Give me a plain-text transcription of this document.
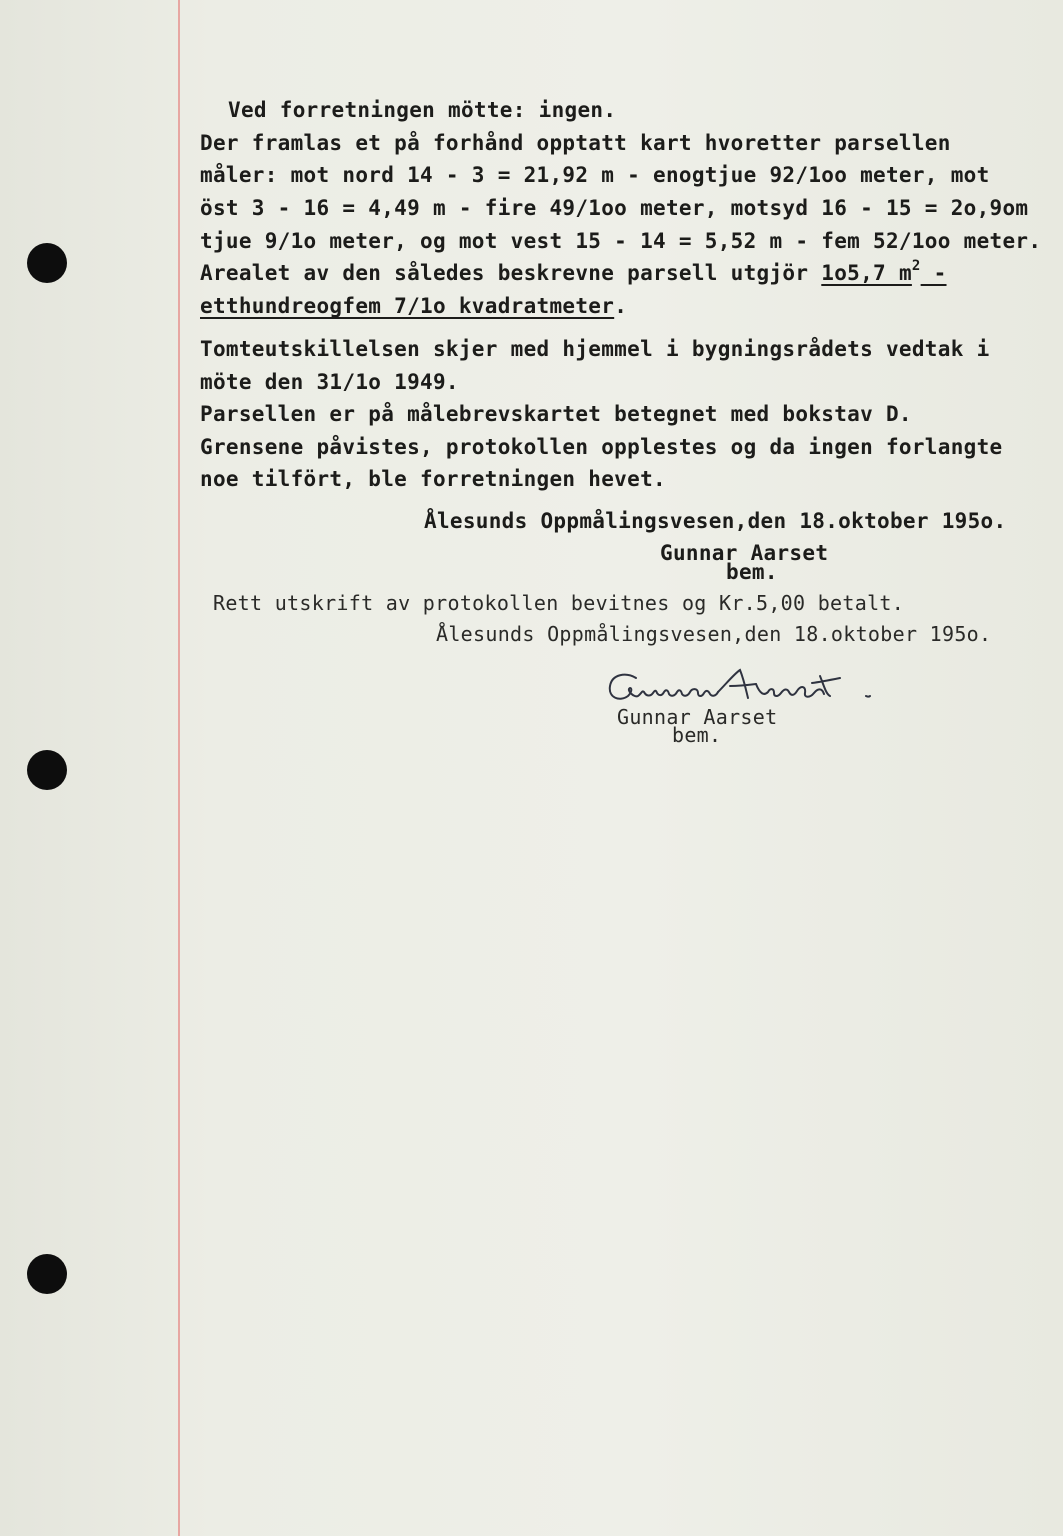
Ved forretningen mötte: ingen.
Der framlas et på forhånd opptatt kart hvoretter parsellen
måler: mot nord 14 - 3 = 21,92 m - enogtjue 92/1oo meter, mot
öst 3 - 16 = 4,49 m - fire 49/1oo meter, motsyd 16 - 15 = 2o,9om
tjue 9/1o meter, og mot vest 15 - 14 = 5,52 m - fem 52/1oo meter.
Arealet av den således beskrevne parsell utgjör 1o5,7 $m^2$ -
etthundreogfem 7/1o kvadratmeter.
Tomteutskillelsen skjer med hjemmel i bygningsrådets vedtak i
möte den 31/1o 1949.
Parsellen er på målebrevskartet betegnet med bokstav D.
Grensene påvistes, protokollen opplestes og da ingen forlangte
noe tilfört, ble forretningen hevet.
Ålesunds Oppmålingsvesen,den 18.oktober 195o.
Gunnar Aarset
bem.
Rett utskrift av protokollen bevitnes og Kr.5,00 betalt.
Ålesunds Oppmålingsvesen,den 18.oktober 195o.
Gunnar Aarset
bem.
